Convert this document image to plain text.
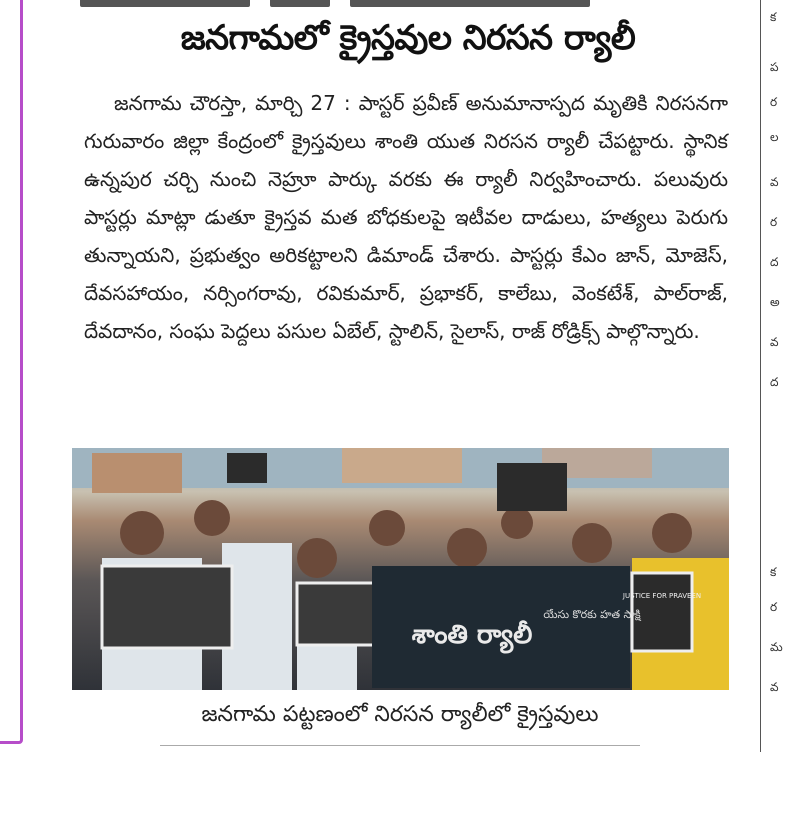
క
ప
ర
ల
వ
ర
ద
అ
వ
ద
క
ర
మ
వ
జనగామలో క్రైస్తవుల నిరసన ర్యాలీ
జనగామ చౌరస్తా, మార్చి 27 : పాస్టర్ ప్రవీణ్ అనుమానాస్పద మృతికి నిరసనగా గురువారం జిల్లా కేంద్రంలో క్రైస్తవులు శాంతి యుత నిరసన ర్యాలీ చేపట్టారు. స్థానిక ఉన్నపుర చర్చి నుంచి నెహ్రూ పార్కు వరకు ఈ ర్యాలీ నిర్వహించారు. పలువురు పాస్టర్లు మాట్లా డుతూ క్రైస్తవ మత బోధకులపై ఇటీవల దాడులు, హత్యలు పెరుగు తున్నాయని, ప్రభుత్వం అరికట్టాలని డిమాండ్ చేశారు. పాస్టర్లు కేఎం జాన్, మోజెస్, దేవసహాయం, నర్సింగరావు, రవికుమార్, ప్రభాకర్, కాలేబు, వెంకటేశ్, పాల్‌రాజ్, దేవదానం, సంఘ పెద్దలు పసుల ఏబేల్, స్టాలిన్, సైలాస్, రాజ్ రోడ్రిక్స్ పాల్గొన్నారు.
శాంతి ర్యాలీ
యేసు కొరకు హత సాక్షి
JUSTICE FOR PRAVEEN
జనగామ పట్టణంలో నిరసన ర్యాలీలో క్రైస్తవులు
